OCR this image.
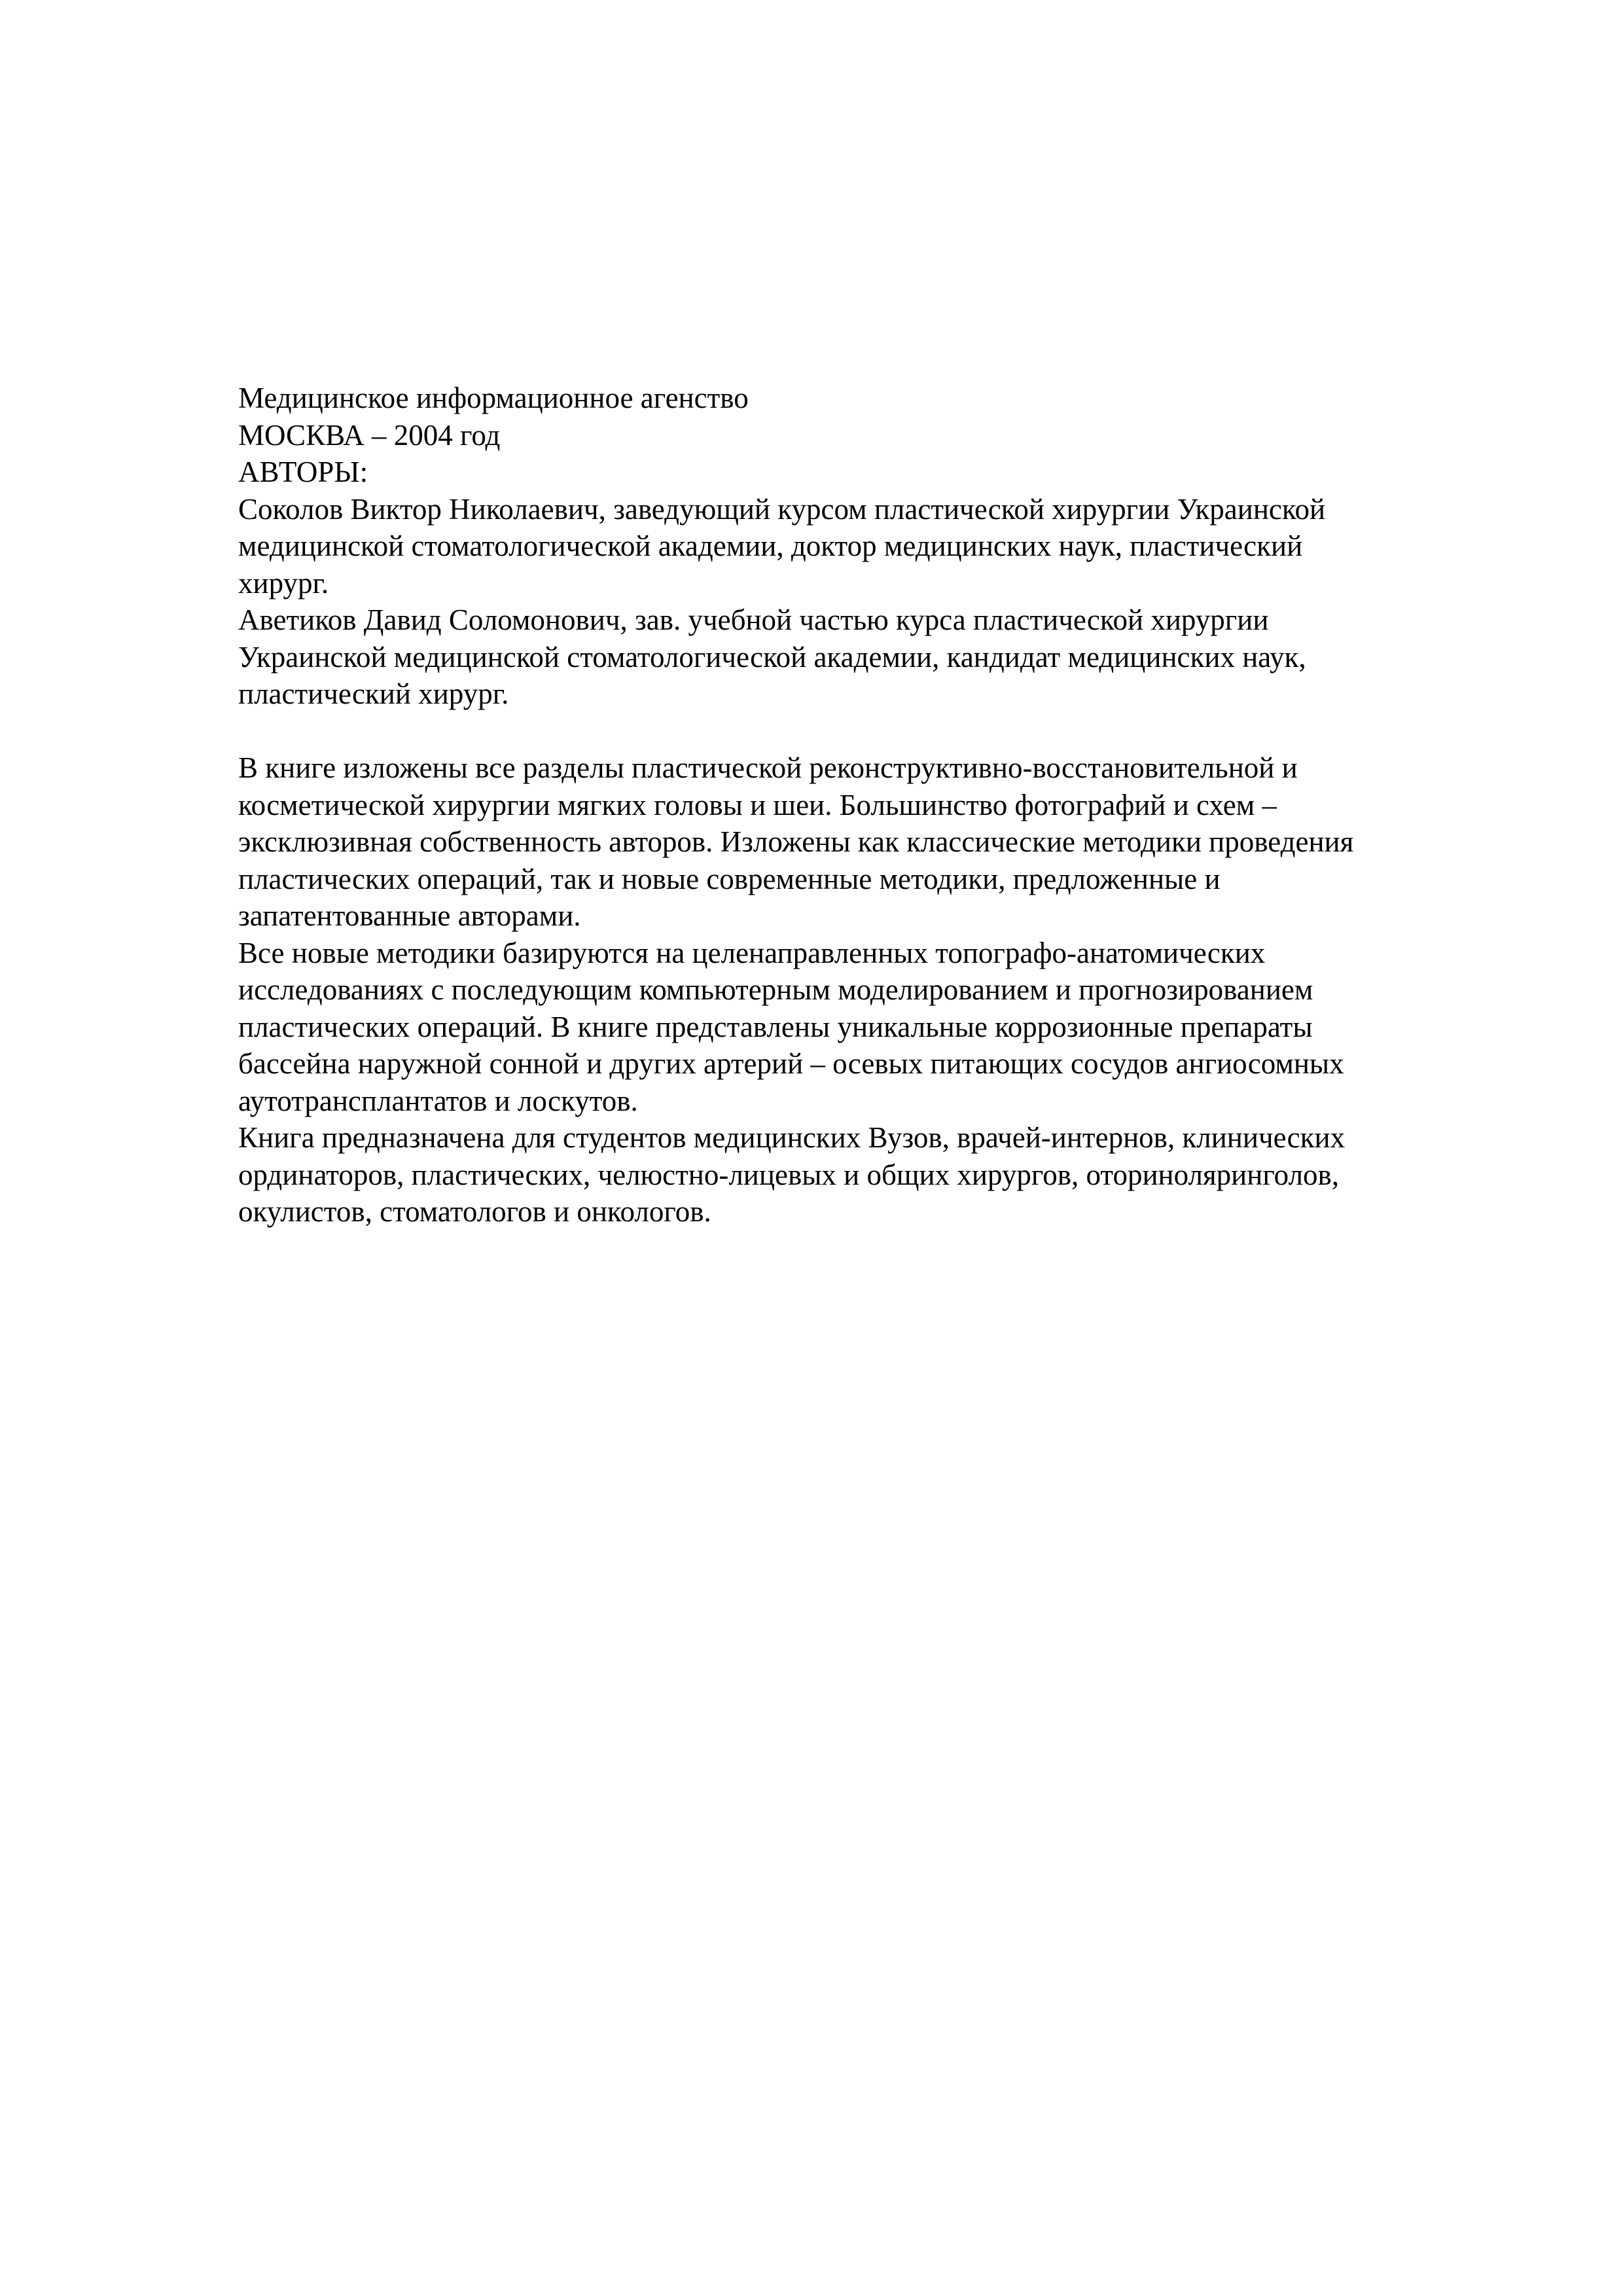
Медицинское информационное агенство

МОСКВА – 2004 год

АВТОРЫ:

Соколов Виктор Николаевич, заведующий курсом пластической хирургии Украинской

медицинской стоматологической академии, доктор медицинских наук, пластический

хирург.

Аветиков Давид Соломонович, зав. учебной частью курса пластической хирургии

Украинской медицинской стоматологической академии, кандидат медицинских наук,

пластический хирург.

В книге изложены все разделы пластической реконструктивно-восстановительной и

косметической хирургии мягких головы и шеи. Большинство фотографий и схем –

эксклюзивная собственность авторов. Изложены как классические методики проведения

пластических операций, так и новые современные методики, предложенные и

запатентованные авторами.

Все новые методики базируются на целенаправленных топографо-анатомических

исследованиях с последующим компьютерным моделированием и прогнозированием

пластических операций. В книге представлены уникальные коррозионные препараты

бассейна наружной сонной и других артерий – осевых питающих сосудов ангиосомных

аутотрансплантатов и лоскутов.

Книга предназначена для студентов медицинских Вузов, врачей-интернов, клинических

ординаторов, пластических, челюстно-лицевых и общих хирургов, оториноляринголов,

окулистов, стоматологов и онкологов.
